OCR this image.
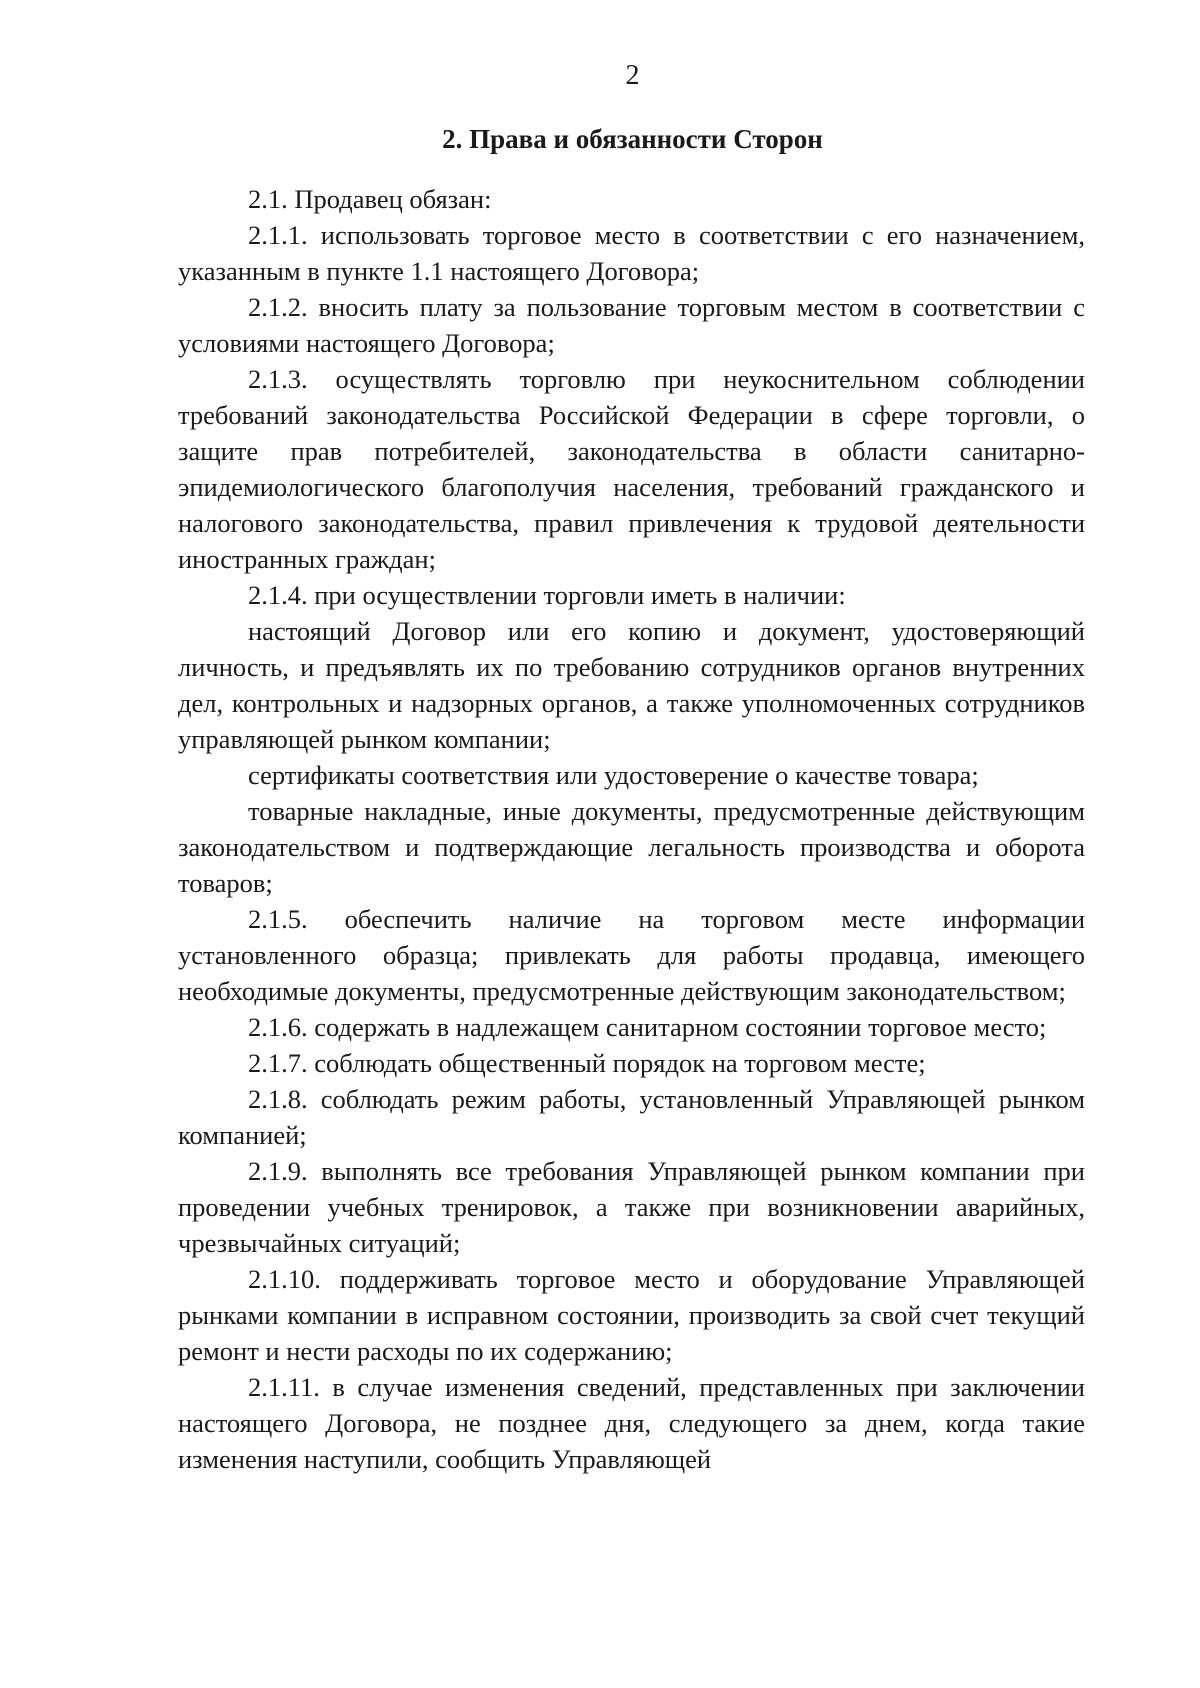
2
2. Права и обязанности Сторон

2.1. Продавец обязан:

2.1.1. использовать торговое место в соответствии с его назначением, указанным в пункте 1.1 настоящего Договора;

2.1.2. вносить плату за пользование торговым местом в соответствии с условиями настоящего Договора;

2.1.3. осуществлять торговлю при неукоснительном соблюдении требований законодательства Российской Федерации в сфере торговли, о защите прав потребителей, законодательства в области санитарно-эпидемиологического благополучия населения, требований гражданского и налогового законодательства, правил привлечения к трудовой деятельности иностранных граждан;

2.1.4. при осуществлении торговли иметь в наличии:

настоящий Договор или его копию и документ, удостоверяющий личность, и предъявлять их по требованию сотрудников органов внутренних дел, контрольных и надзорных органов, а также уполномоченных сотрудников управляющей рынком компании;

сертификаты соответствия или удостоверение о качестве товара;

товарные накладные, иные документы, предусмотренные действующим законодательством и подтверждающие легальность производства и оборота товаров;

2.1.5. обеспечить наличие на торговом месте информации установленного образца; привлекать для работы продавца, имеющего необходимые документы, предусмотренные действующим законодательством;

2.1.6. содержать в надлежащем санитарном состоянии торговое место;

2.1.7. соблюдать общественный порядок на торговом месте;

2.1.8. соблюдать режим работы, установленный Управляющей рынком компанией;

2.1.9. выполнять все требования Управляющей рынком компании при проведении учебных тренировок, а также при возникновении аварийных, чрезвычайных ситуаций;

2.1.10. поддерживать торговое место и оборудование Управляющей рынками компании в исправном состоянии, производить за свой счет текущий ремонт и нести расходы по их содержанию;

2.1.11. в случае изменения сведений, представленных при заключении настоящего Договора, не позднее дня, следующего за днем, когда такие изменения наступили, сообщить Управляющей
